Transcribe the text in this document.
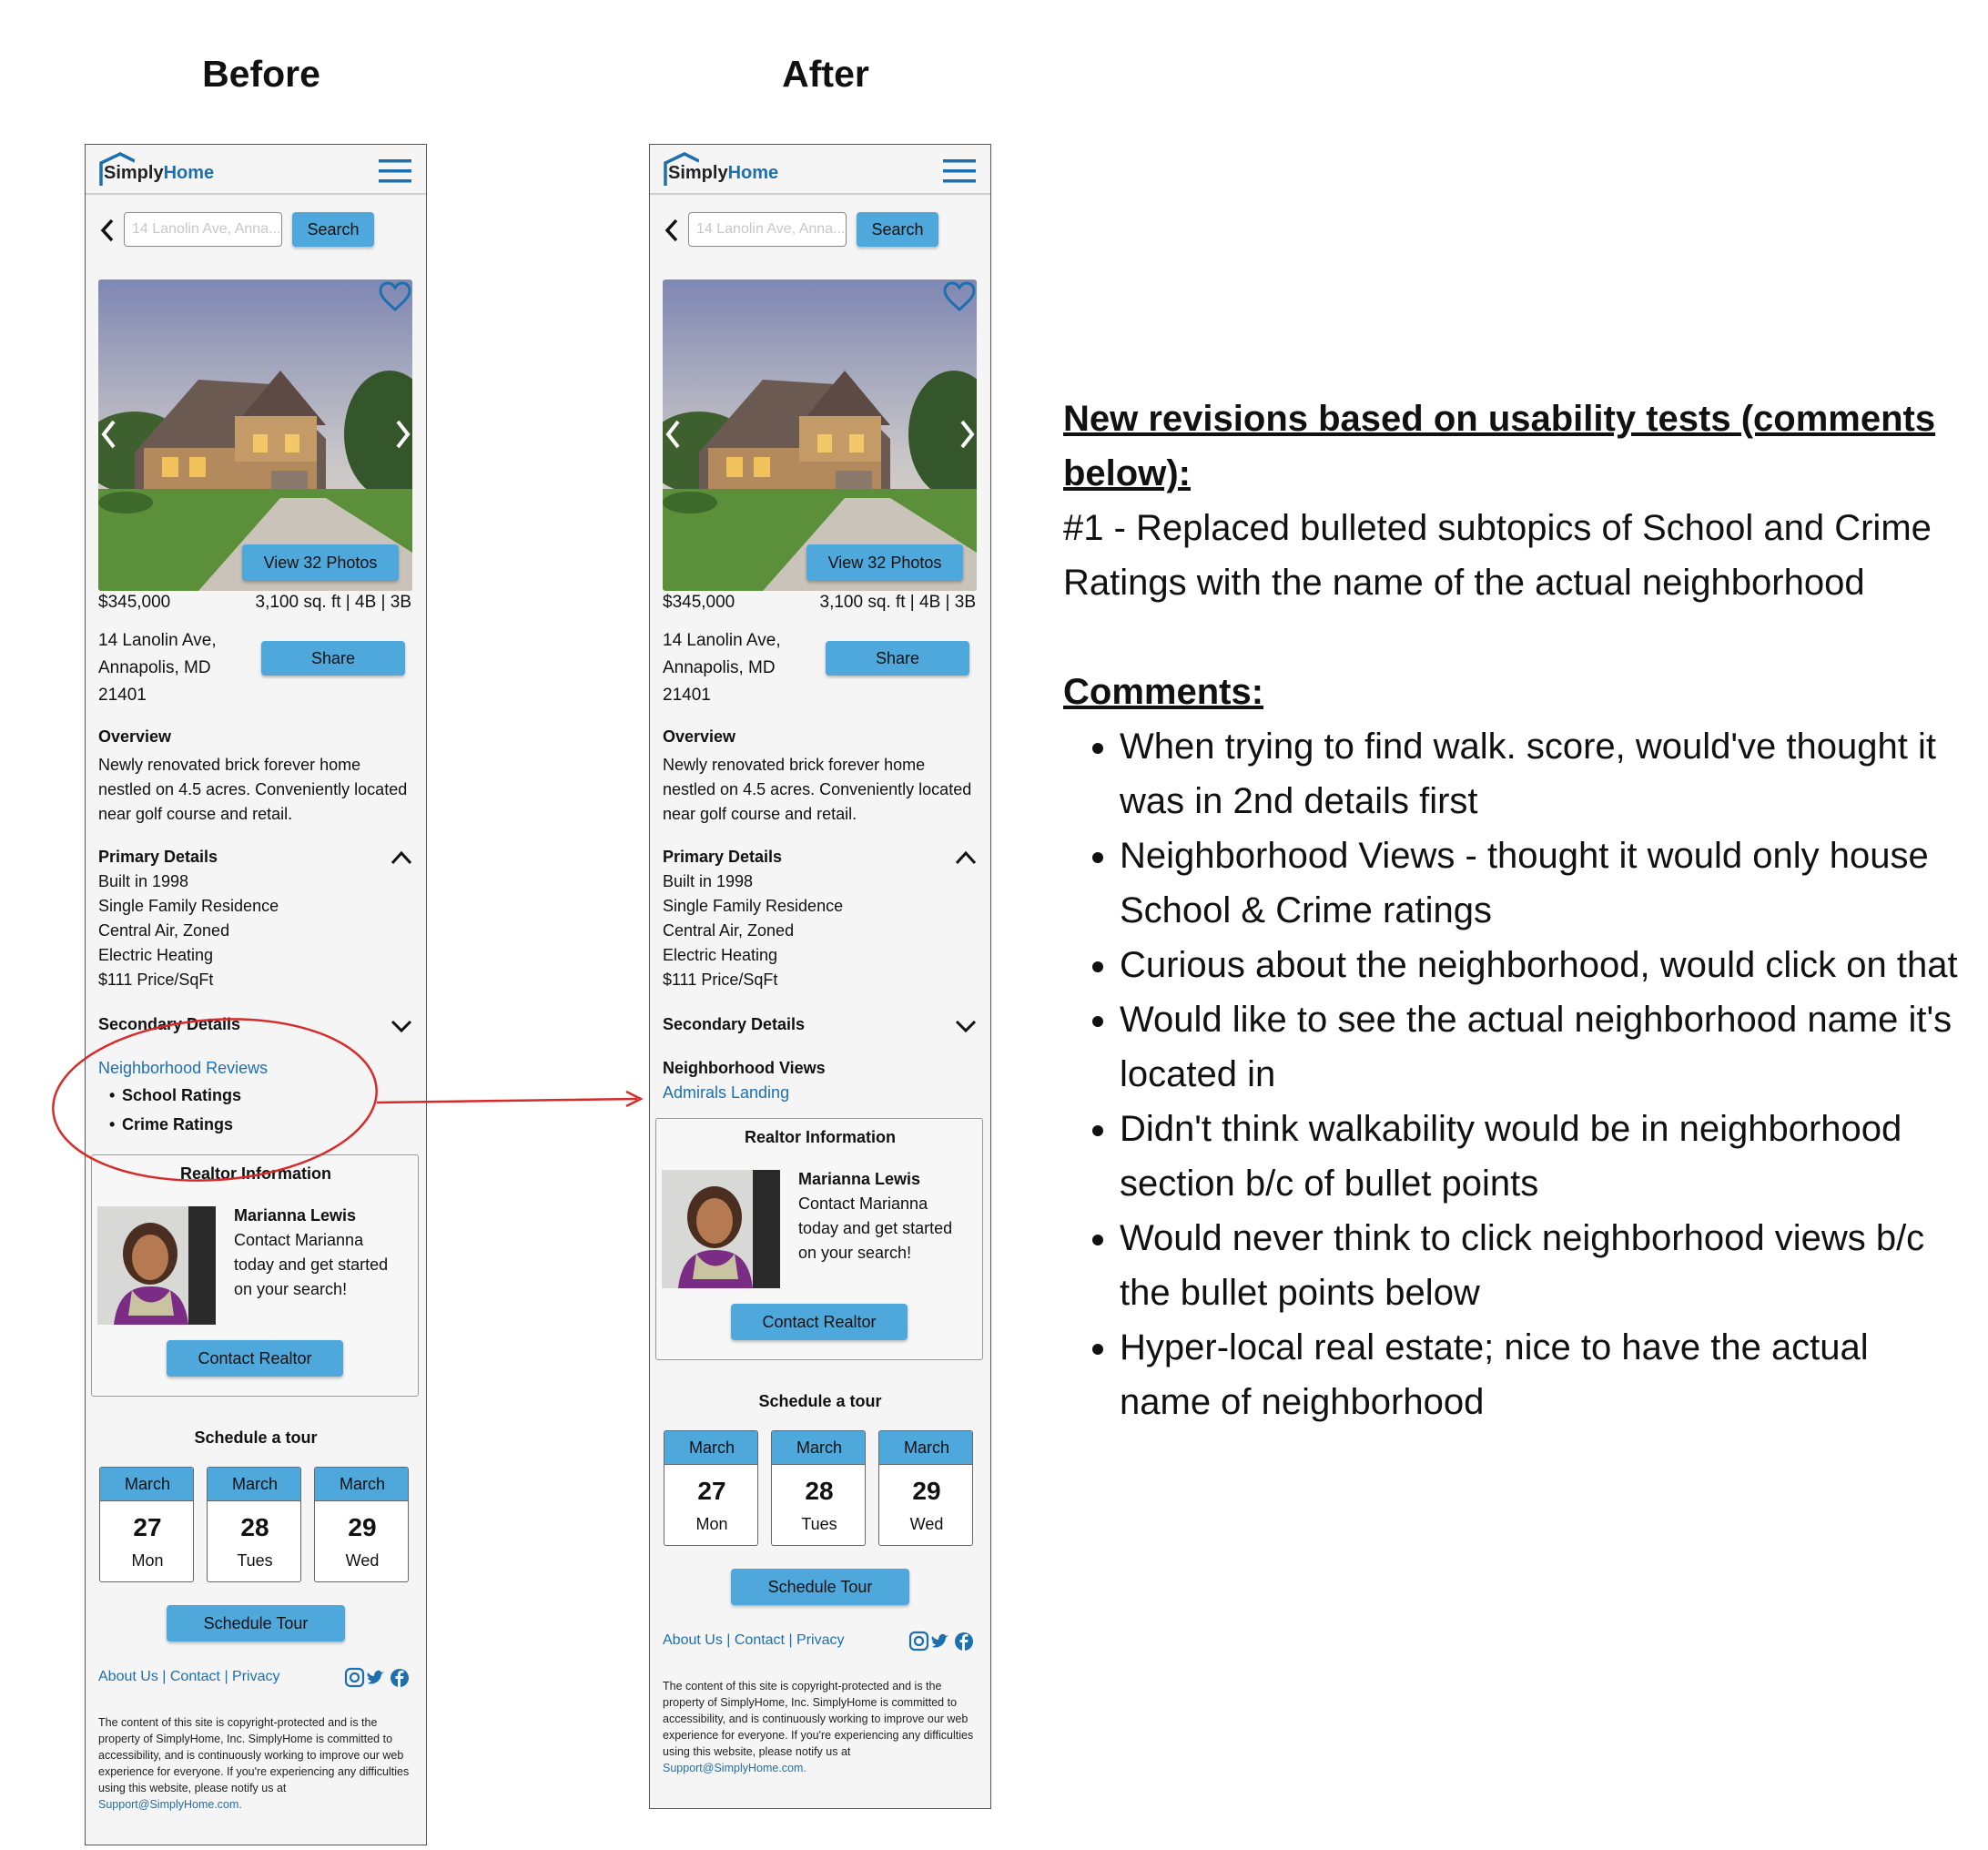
Before	After
SimplyHome
14 Lanolin Ave, Anna...	Search
View 32 Photos
$345,000	3,100 sq. ft | 4B | 3B
14 Lanolin Ave, Annapolis, MD 21401
Share
Overview
Newly renovated brick forever home nestled on 4.5 acres. Conveniently located near golf course and retail.
Primary Details
Built in 1998
Single Family Residence
Central Air, Zoned
Electric Heating
$111 Price/SqFt
Secondary Details
Neighborhood Reviews
• School Ratings
• Crime Ratings
Realtor Information
Marianna Lewis
Contact Marianna today and get started on your search!
Contact Realtor
Schedule a tour
March
27
Mon
March
28
Tues
March
29
Wed
Schedule Tour
About Us | Contact | Privacy
The content of this site is copyright-protected and is the property of SimplyHome, Inc. SimplyHome is committed to accessibility, and is continuously working to improve our web experience for everyone. If you're experiencing any difficulties using this website, please notify us at Support@SimplyHome.com.
SimplyHome
14 Lanolin Ave, Anna...	Search
View 32 Photos
$345,000	3,100 sq. ft | 4B | 3B
14 Lanolin Ave, Annapolis, MD 21401
Share
Overview
Newly renovated brick forever home nestled on 4.5 acres. Conveniently located near golf course and retail.
Primary Details
Built in 1998
Single Family Residence
Central Air, Zoned
Electric Heating
$111 Price/SqFt
Secondary Details
Neighborhood Views
Admirals Landing
Realtor Information
Marianna Lewis
Contact Marianna today and get started on your search!
Contact Realtor
Schedule a tour
March
27
Mon
March
28
Tues
March
29
Wed
Schedule Tour
About Us | Contact | Privacy
The content of this site is copyright-protected and is the property of SimplyHome, Inc. SimplyHome is committed to accessibility, and is continuously working to improve our web experience for everyone. If you're experiencing any difficulties using this website, please notify us at Support@SimplyHome.com.
New revisions based on usability tests (comments below):
#1 - Replaced bulleted subtopics of School and Crime Ratings with the name of the actual neighborhood
Comments:
• When trying to find walk. score, would've thought it was in 2nd details first
• Neighborhood Views - thought it would only house School & Crime ratings
• Curious about the neighborhood, would click on that
• Would like to see the actual neighborhood name it's located in
• Didn't think walkability would be in neighborhood section b/c of bullet points
• Would never think to click neighborhood views b/c the bullet points below
• Hyper-local real estate; nice to have the actual name of neighborhood
